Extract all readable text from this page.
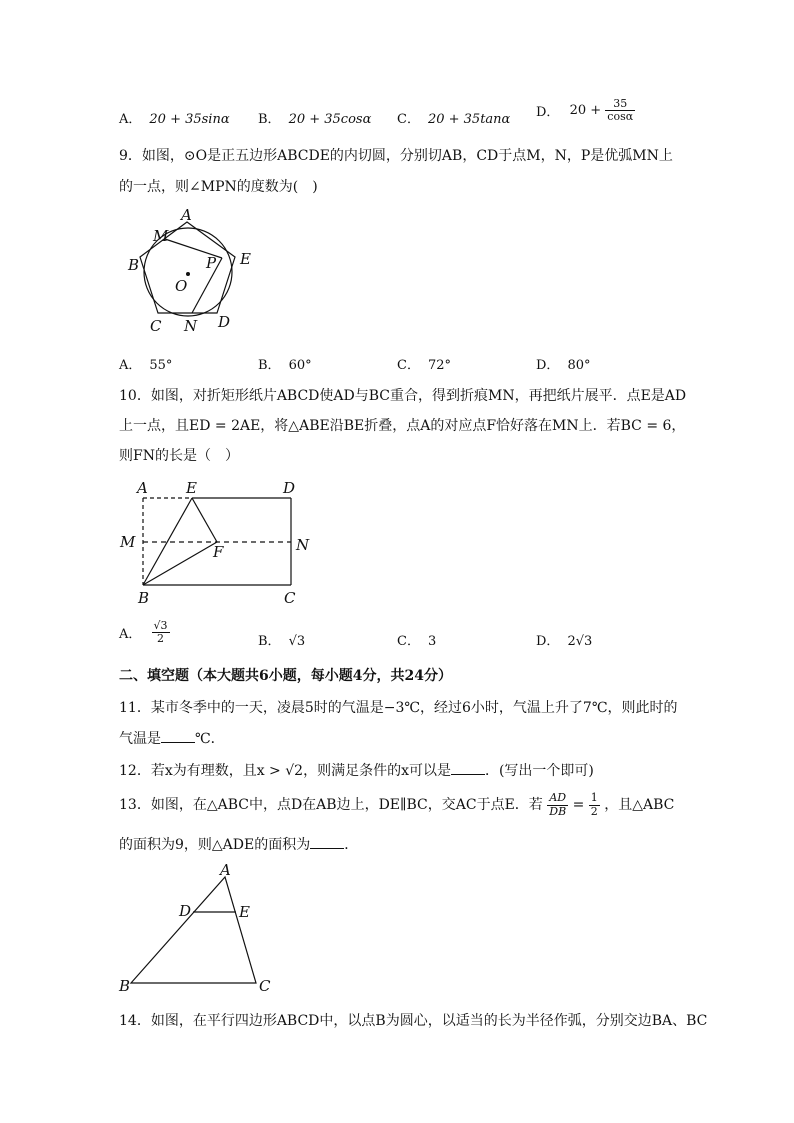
A． 20 + 35sinα B． 20 + 35cosα C． 20 + 35tanα D． $20 + \frac{35}{\cos\alpha}$
9．如图，⊙O是正五边形ABCDE的内切圆，分别切AB，CD于点M，N，P是优弧MN上
的一点，则∠MPN的度数为(　)
A
B
C	D
E
M
N
P
O
A． 55°	B． 60°	C． 72°	D． 80°
10．如图，对折矩形纸片ABCD使AD与BC重合，得到折痕MN，再把纸片展平．点E是AD
上一点，且ED = 2AE，将△ABE沿BE折叠，点A的对应点F恰好落在MN上．若BC = 6，
则FN的长是（　）
A	E	D
M
F	N
B	C
A． $\frac{√3}{2}$	B． √3	C． 3	D． 2√3
二、填空题（本大题共6小题，每小题4分，共24分）
11．某市冬季中的一天，凌晨5时的气温是−3℃，经过6小时，气温上升了7℃，则此时的
气温是 ℃．
12．若x为有理数，且x > √2，则满足条件的x可以是 ．(写出一个即可)
13．如图，在△ABC中，点D在AB边上，DE∥BC，交AC于点E．若 $\frac{AD}{DB} = \frac{1}{2}$ ，且△ABC
的面积为9，则△ADE的面积为 ．
A
D	E
B	C
14．如图，在平行四边形ABCD中，以点B为圆心，以适当的长为半径作弧，分别交边BA、BC
